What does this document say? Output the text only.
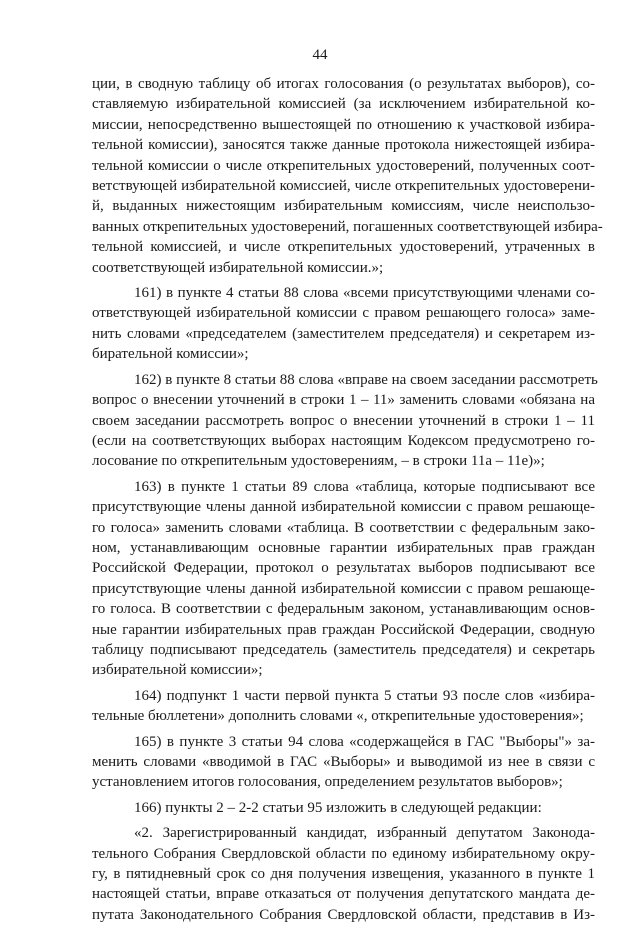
44
ции, в сводную таблицу об итогах голосования (о результатах выборов), со-
ставляемую избирательной комиссией (за исключением избирательной ко-
миссии, непосредственно вышестоящей по отношению к участковой избира-
тельной комиссии), заносятся также данные протокола нижестоящей избира-
тельной комиссии о числе открепительных удостоверений, полученных соот-
ветствующей избирательной комиссией, числе открепительных удостоверени-
й, выданных нижестоящим избирательным комиссиям, числе неиспользо-
ванных открепительных удостоверений, погашенных соответствующей избира-
тельной комиссией, и числе открепительных удостоверений, утраченных в
соответствующей избирательной комиссии.»;
161) в пункте 4 статьи 88 слова «всеми присутствующими членами со-
ответствующей избирательной комиссии с правом решающего голоса» заме-
нить словами «председателем (заместителем председателя) и секретарем из-
бирательной комиссии»;
162) в пункте 8 статьи 88 слова «вправе на своем заседании рассмотреть
вопрос о внесении уточнений в строки 1 – 11» заменить словами «обязана на
своем заседании рассмотреть вопрос о внесении уточнений в строки 1 – 11
(если на соответствующих выборах настоящим Кодексом предусмотрено го-
лосование по открепительным удостоверениям, – в строки 11а – 11е)»;
163) в пункте 1 статьи 89 слова «таблица, которые подписывают все
присутствующие члены данной избирательной комиссии с правом решающе-
го голоса» заменить словами «таблица. В соответствии с федеральным зако-
ном, устанавливающим основные гарантии избирательных прав граждан
Российской Федерации, протокол о результатах выборов подписывают все
присутствующие члены данной избирательной комиссии с правом решающе-
го голоса. В соответствии с федеральным законом, устанавливающим основ-
ные гарантии избирательных прав граждан Российской Федерации, сводную
таблицу подписывают председатель (заместитель председателя) и секретарь
избирательной комиссии»;
164) подпункт 1 части первой пункта 5 статьи 93 после слов «избира-
тельные бюллетени» дополнить словами «, открепительные удостоверения»;
165) в пункте 3 статьи 94 слова «содержащейся в ГАС "Выборы"» за-
менить словами «вводимой в ГАС «Выборы» и выводимой из нее в связи с
установлением итогов голосования, определением результатов выборов»;
166) пункты 2 – 2-2 статьи 95 изложить в следующей редакции:
«2. Зарегистрированный кандидат, избранный депутатом Законода-
тельного Собрания Свердловской области по единому избирательному окру-
гу, в пятидневный срок со дня получения извещения, указанного в пункте 1
настоящей статьи, вправе отказаться от получения депутатского мандата де-
путата Законодательного Собрания Свердловской области, представив в Из-
